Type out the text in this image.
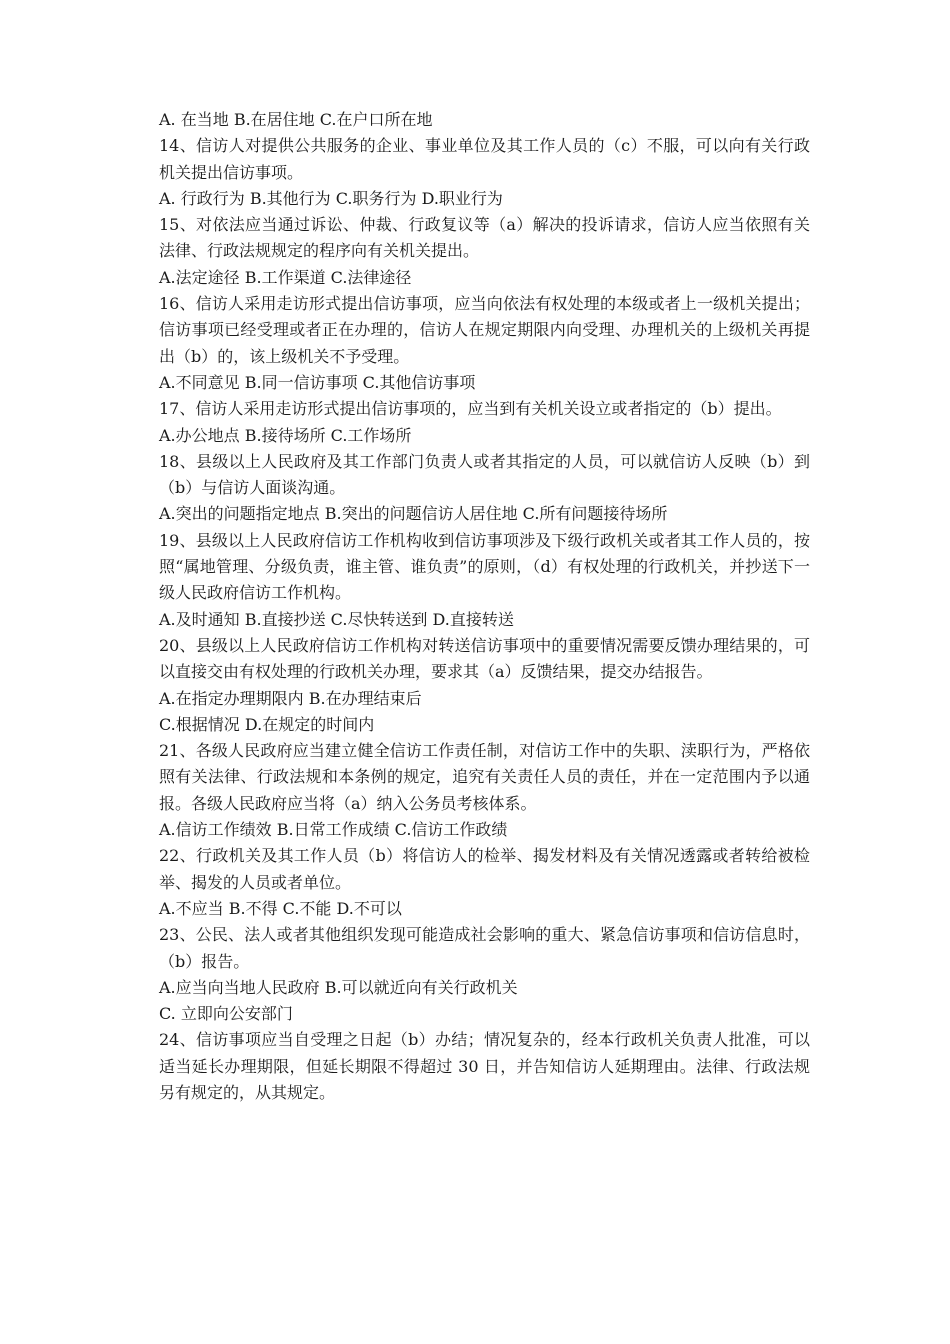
A. 在当地 B.在居住地 C.在户口所在地
14、信访人对提供公共服务的企业、事业单位及其工作人员的（c）不服，可以向有关行政机关提出信访事项。
A. 行政行为 B.其他行为 C.职务行为 D.职业行为
15、对依法应当通过诉讼、仲裁、行政复议等（a）解决的投诉请求，信访人应当依照有关法律、行政法规规定的程序向有关机关提出。
A.法定途径 B.工作渠道 C.法律途径
16、信访人采用走访形式提出信访事项，应当向依法有权处理的本级或者上一级机关提出；信访事项已经受理或者正在办理的，信访人在规定期限内向受理、办理机关的上级机关再提出（b）的，该上级机关不予受理。
A.不同意见 B.同一信访事项 C.其他信访事项
17、信访人采用走访形式提出信访事项的，应当到有关机关设立或者指定的（b）提出。
A.办公地点 B.接待场所 C.工作场所
18、县级以上人民政府及其工作部门负责人或者其指定的人员，可以就信访人反映（b）到（b）与信访人面谈沟通。
A.突出的问题指定地点 B.突出的问题信访人居住地 C.所有问题接待场所
19、县级以上人民政府信访工作机构收到信访事项涉及下级行政机关或者其工作人员的，按照“属地管理、分级负责，谁主管、谁负责”的原则，（d）有权处理的行政机关，并抄送下一级人民政府信访工作机构。
A.及时通知 B.直接抄送 C.尽快转送到 D.直接转送
20、县级以上人民政府信访工作机构对转送信访事项中的重要情况需要反馈办理结果的，可以直接交由有权处理的行政机关办理，要求其（a）反馈结果，提交办结报告。
A.在指定办理期限内 B.在办理结束后
C.根据情况 D.在规定的时间内
21、各级人民政府应当建立健全信访工作责任制，对信访工作中的失职、渎职行为，严格依照有关法律、行政法规和本条例的规定，追究有关责任人员的责任，并在一定范围内予以通报。各级人民政府应当将（a）纳入公务员考核体系。
A.信访工作绩效 B.日常工作成绩 C.信访工作政绩
22、行政机关及其工作人员（b）将信访人的检举、揭发材料及有关情况透露或者转给被检举、揭发的人员或者单位。
A.不应当 B.不得 C.不能 D.不可以
23、公民、法人或者其他组织发现可能造成社会影响的重大、紧急信访事项和信访信息时，（b）报告。
A.应当向当地人民政府 B.可以就近向有关行政机关
C. 立即向公安部门
24、信访事项应当自受理之日起（b）办结；情况复杂的，经本行政机关负责人批准，可以适当延长办理期限，但延长期限不得超过 30 日，并告知信访人延期理由。法律、行政法规另有规定的，从其规定。
